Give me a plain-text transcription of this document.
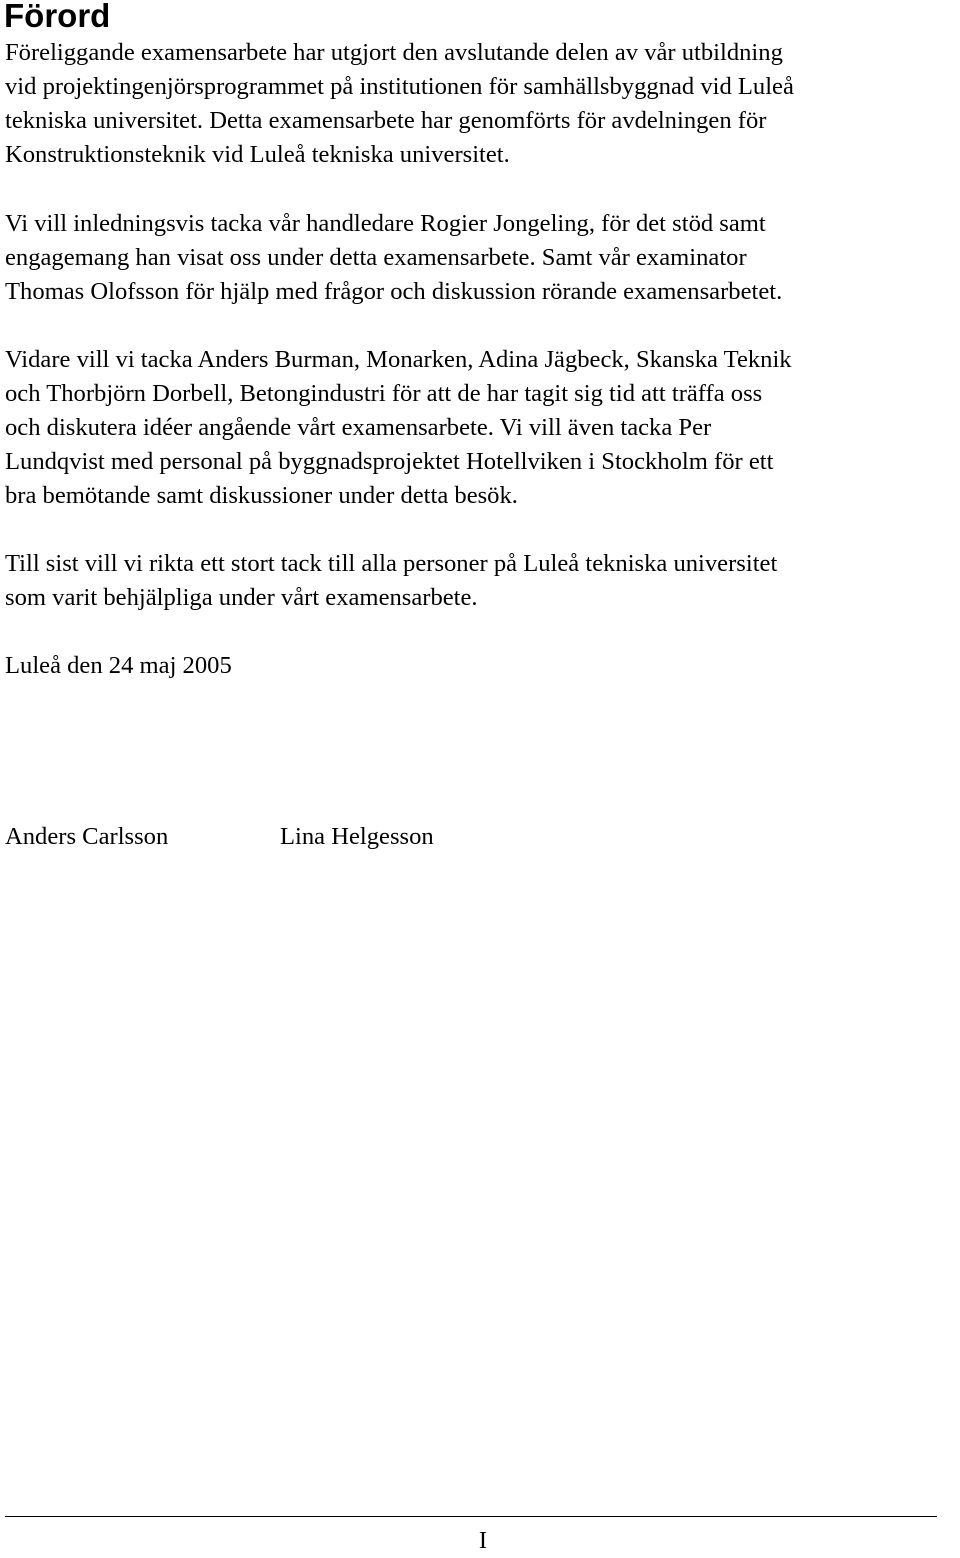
Förord

Föreliggande examensarbete har utgjort den avslutande delen av vår utbildning
vid projektingenjörsprogrammet på institutionen för samhällsbyggnad vid Luleå
tekniska universitet. Detta examensarbete har genomförts för avdelningen för
Konstruktionsteknik vid Luleå tekniska universitet.

Vi vill inledningsvis tacka vår handledare Rogier Jongeling, för det stöd samt
engagemang han visat oss under detta examensarbete. Samt vår examinator
Thomas Olofsson för hjälp med frågor och diskussion rörande examensarbetet.

Vidare vill vi tacka Anders Burman, Monarken, Adina Jägbeck, Skanska Teknik
och Thorbjörn Dorbell, Betongindustri för att de har tagit sig tid att träffa oss
och diskutera idéer angående vårt examensarbete. Vi vill även tacka Per
Lundqvist med personal på byggnadsprojektet Hotellviken i Stockholm för ett
bra bemötande samt diskussioner under detta besök.

Till sist vill vi rikta ett stort tack till alla personer på Luleå tekniska universitet
som varit behjälpliga under vårt examensarbete.

Luleå den 24 maj 2005

Anders Carlsson	Lina Helgesson

I
